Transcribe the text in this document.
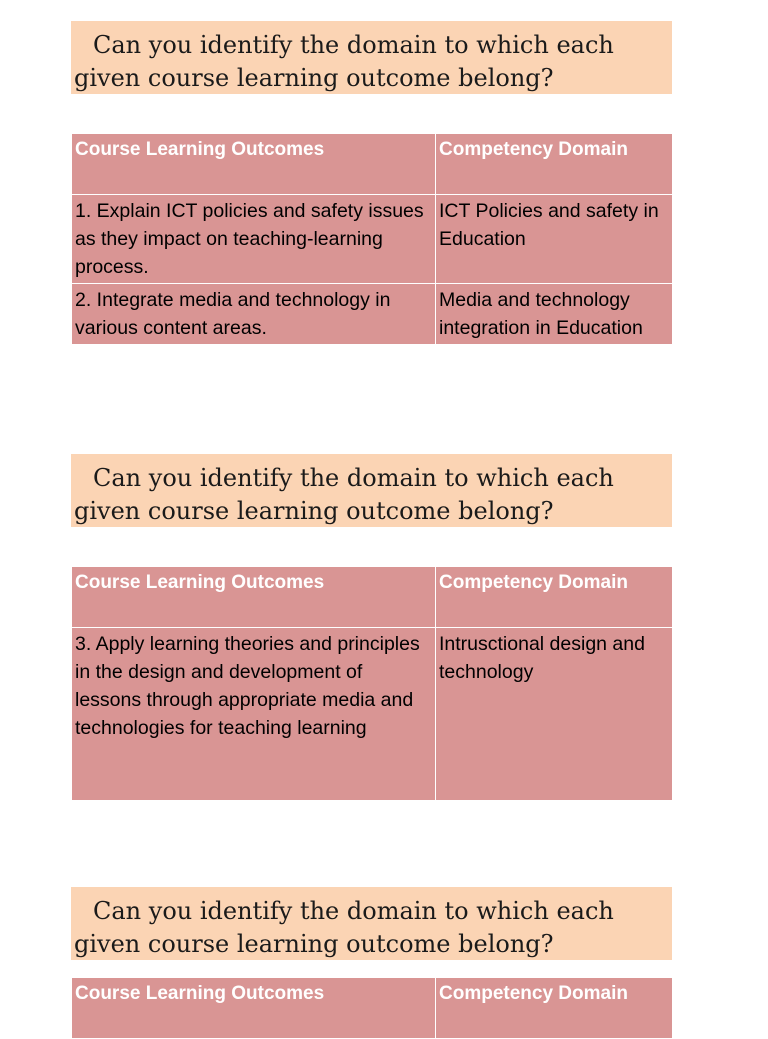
Can you identify the domain to which each given course learning outcome belong?
Course Learning Outcomes	Competency Domain
1. Explain ICT policies and safety issues as they impact on teaching-learning process.	ICT Policies and safety in Education
2. Integrate media and technology in various content areas.	Media and technology integration in Education
Can you identify the domain to which each given course learning outcome belong?
Course Learning Outcomes	Competency Domain
3. Apply learning theories and principles in the design and development of lessons through appropriate media and technologies for teaching learning	Intrusctional design and technology
Can you identify the domain to which each given course learning outcome belong?
Course Learning Outcomes	Competency Domain
